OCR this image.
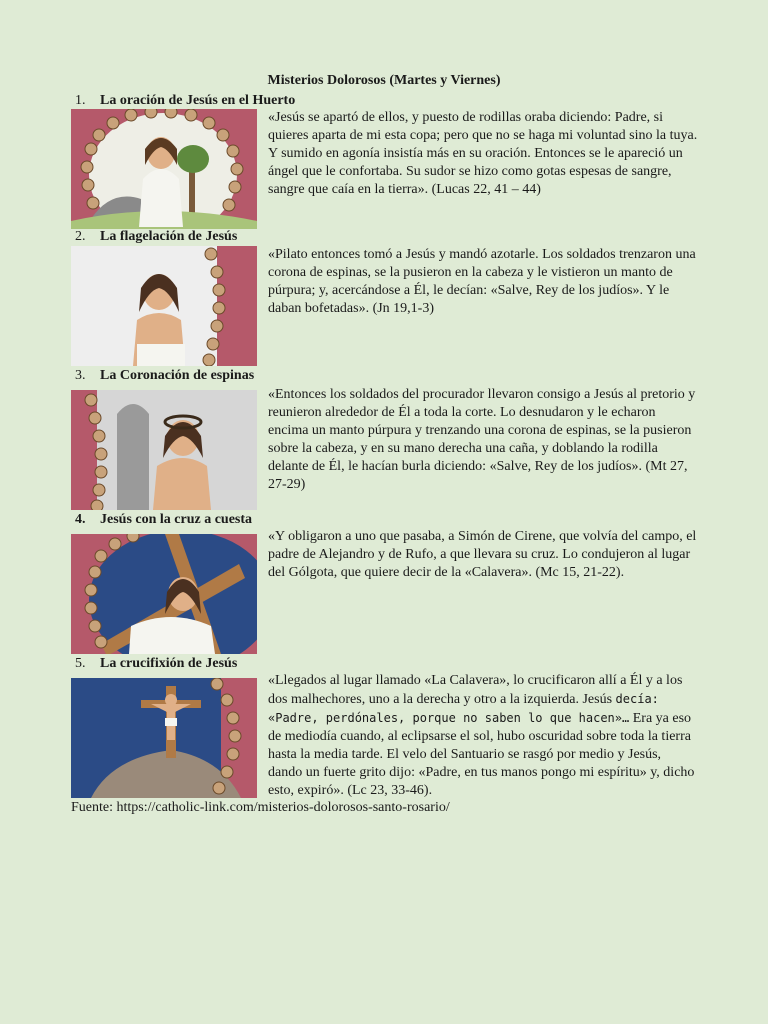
Misterios Dolorosos (Martes y Viernes)
1. La oración de Jesús en el Huerto

«Jesús se apartó de ellos, y puesto de rodillas oraba diciendo: Padre, si quieres aparta de mi esta copa; pero que no se haga mi voluntad sino la tuya. Y sumido en agonía insistía más en su oración. Entonces se le apareció un ángel que le confortaba. Su sudor se hizo como gotas espesas de sangre, sangre que caía en la tierra». (Lucas 22, 41 – 44)

2. La flagelación de Jesús

«Pilato entonces tomó a Jesús y mandó azotarle. Los soldados trenzaron una corona de espinas, se la pusieron en la cabeza y le vistieron un manto de púrpura; y, acercándose a Él, le decían: «Salve, Rey de los judíos». Y le daban bofetadas». (Jn 19,1-3)

3. La Coronación de espinas

«Entonces los soldados del procurador llevaron consigo a Jesús al pretorio y reunieron alrededor de Él a toda la corte. Lo desnudaron y le echaron encima un manto púrpura y trenzando una corona de espinas, se la pusieron sobre la cabeza, y en su mano derecha una caña, y doblando la rodilla delante de Él, le hacían burla diciendo: «Salve, Rey de los judíos». (Mt 27, 27-29)

4. Jesús con la cruz a cuesta

«Y obligaron a uno que pasaba, a Simón de Cirene, que volvía del campo, el padre de Alejandro y de Rufo, a que llevara su cruz. Lo condujeron al lugar del Gólgota, que quiere decir de la «Calavera». (Mc 15, 21-22).

5. La crucifixión de Jesús

«Llegados al lugar llamado «La Calavera», lo crucificaron allí a Él y a los dos malhechores, uno a la derecha y otro a la izquierda. Jesús decía: «Padre, perdónales, porque no saben lo que hacen»… Era ya eso de mediodía cuando, al eclipsarse el sol, hubo oscuridad sobre toda la tierra hasta la media tarde. El velo del Santuario se rasgó por medio y Jesús, dando un fuerte grito dijo: «Padre, en tus manos pongo mi espíritu» y, dicho esto, expiró». (Lc 23, 33-46).

Fuente: https://catholic-link.com/misterios-dolorosos-santo-rosario/
